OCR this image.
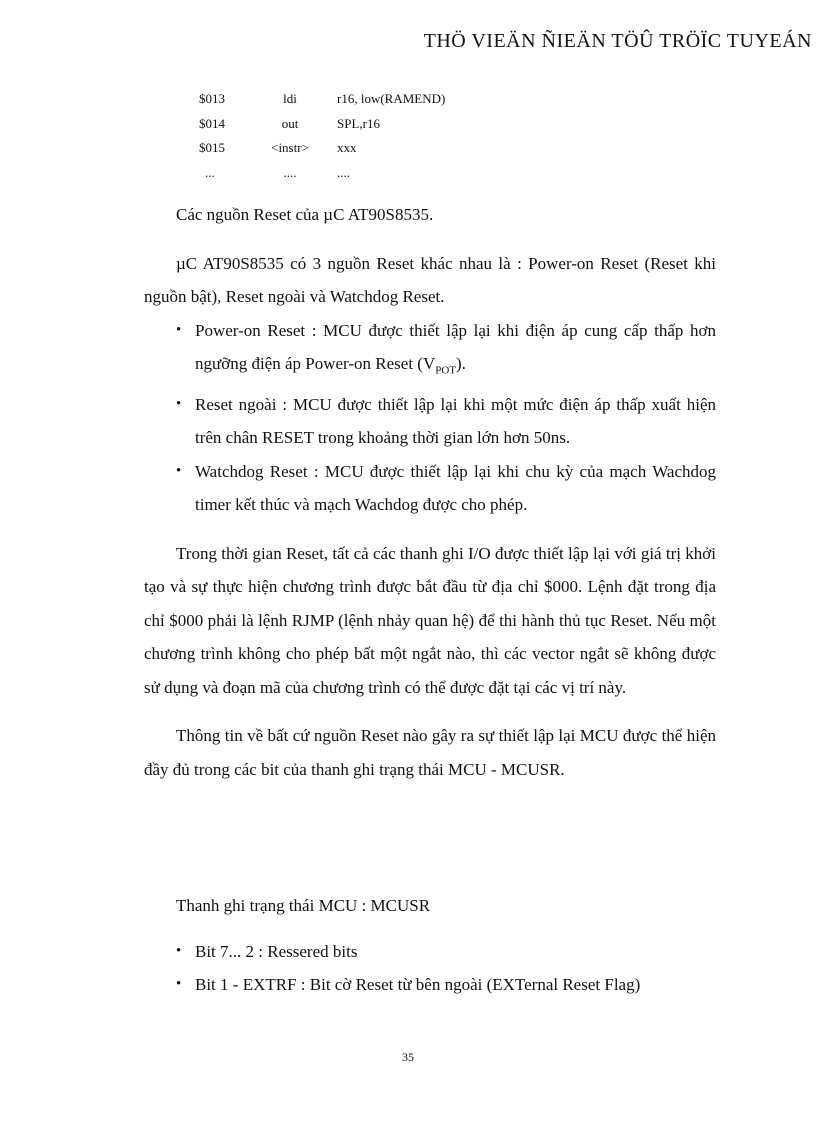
THÖ VIEÄN ÑIEÄN TÖÛ TRÖÏC TUYEÁN
$013	ldi	r16, low(RAMEND)
$014	out	SPL,r16
$015	<instr>	xxx
...	....	....

Các nguồn Reset của µC AT90S8535.

µC AT90S8535 có 3 nguồn Reset khác nhau là : Power-on Reset (Reset khi nguồn bật), Reset ngoài và Watchdog Reset.

• Power-on Reset : MCU được thiết lập lại khi điện áp cung cấp thấp hơn ngưỡng điện áp Power-on Reset $(V_{POT})$.
• Reset ngoài : MCU được thiết lập lại khi một mức điện áp thấp xuất hiện trên chân RESET trong khoảng thời gian lớn hơn 50ns.
• Watchdog Reset : MCU được thiết lập lại khi chu kỳ của mạch Wachdog timer kết thúc và mạch Wachdog được cho phép.

Trong thời gian Reset, tất cả các thanh ghi I/O được thiết lập lại với giá trị khởi tạo và sự thực hiện chương trình được bắt đầu từ địa chỉ $000. Lệnh đặt trong địa chỉ $000 phải là lệnh RJMP (lệnh nhảy quan hệ) để thi hành thủ tục Reset. Nếu một chương trình không cho phép bất một ngắt nào, thì các vector ngắt sẽ không được sử dụng và đoạn mã của chương trình có thể được đặt tại các vị trí này.

Thông tin về bất cứ nguồn Reset nào gây ra sự thiết lập lại MCU được thể hiện đầy đủ trong các bit của thanh ghi trạng thái MCU - MCUSR.

Thanh ghi trạng thái MCU : MCUSR

• Bit 7... 2 : Ressered bits
• Bit 1 - EXTRF : Bit cờ Reset từ bên ngoài (EXTernal Reset Flag)
35
